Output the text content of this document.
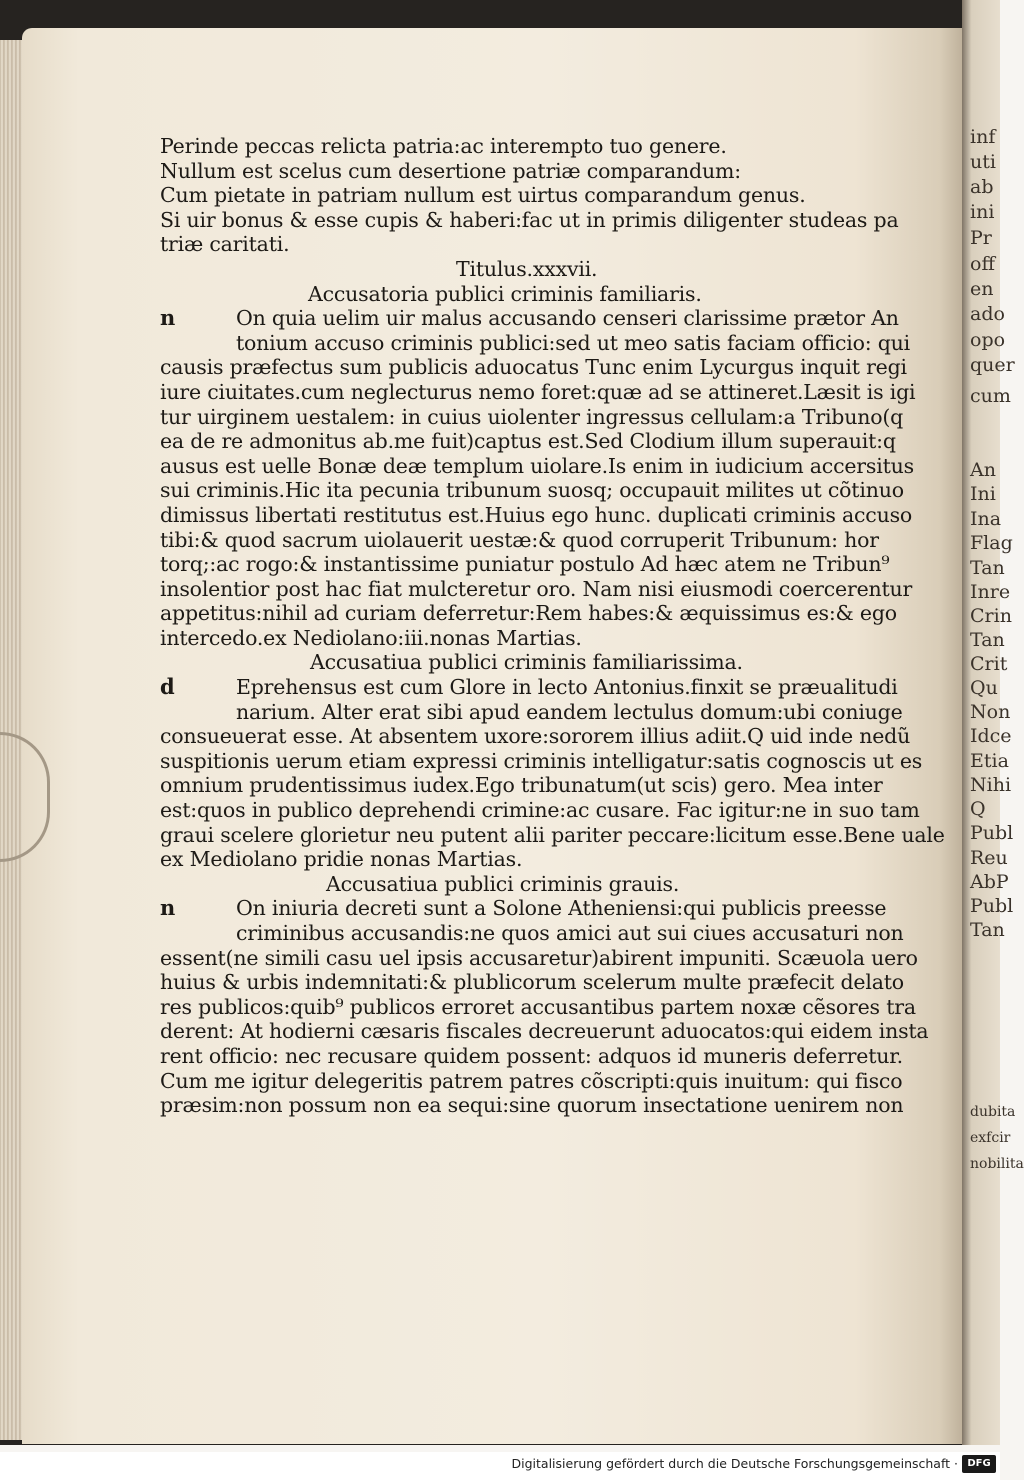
inf
uti
ab
ini
Pr
off
en
ado
opo
quer
cum
An
Ini
Ina
Flag
Tan
Inre
Crin
Tan
Crit
Qu
Non
Idce
Etia
Nihi
Q
Publ
Reu
AbP
Publ
Tan
dubita
exfcir
nobilita
Perinde peccas relicta patria:ac interempto tuo genere.
Nullum est scelus cum desertione patriæ comparandum:
Cum pietate in patriam nullum est uirtus comparandum genus.
Si uir bonus & esse cupis & haberi:fac ut in primis diligenter studeas pa
triæ caritati.
Titulus.xxxvii.
Accusatoria publici criminis familiaris.
n	On quia uelim uir malus accusando censeri clarissime prætor An
tonium accuso criminis publici:sed ut meo satis faciam officio: qui
causis præfectus sum publicis aduocatus Tunc enim Lycurgus inquit regi
iure ciuitates.cum neglecturus nemo foret:quæ ad se attineret.Læsit is igi
tur uirginem uestalem: in cuius uiolenter ingressus cellulam:a Tribuno(q
ea de re admonitus ab.me fuit)captus est.Sed Clodium illum superauit:q
ausus est uelle Bonæ deæ templum uiolare.Is enim in iudicium accersitus
sui criminis.Hic ita pecunia tribunum suosq; occupauit milites ut cõtinuo
dimissus libertati restitutus est.Huius ego hunc. duplicati criminis accuso
tibi:& quod sacrum uiolauerit uestæ:& quod corruperit Tribunum: hor
torq;:ac rogo:& instantissime puniatur postulo Ad hæc atem ne Tribun⁹
insolentior post hac fiat mulcteretur oro. Nam nisi eiusmodi coercerentur
appetitus:nihil ad curiam deferretur:Rem habes:& æquissimus es:& ego
intercedo.ex Nediolano:iii.nonas Martias.
Accusatiua publici criminis familiarissima.
d	Eprehensus est cum Glore in lecto Antonius.finxit se præualitudi
narium. Alter erat sibi apud eandem lectulus domum:ubi coniuge
consueuerat esse. At absentem uxore:sororem illius adiit.Q uid inde nedũ
suspitionis uerum etiam expressi criminis intelligatur:satis cognoscis ut es
omnium prudentissimus iudex.Ego tribunatum(ut scis) gero. Mea inter
est:quos in publico deprehendi crimine:ac cusare. Fac igitur:ne in suo tam
graui scelere glorietur neu putent alii pariter peccare:licitum esse.Bene uale
ex Mediolano pridie nonas Martias.
Accusatiua publici criminis grauis.
n	On iniuria decreti sunt a Solone Atheniensi:qui publicis preesse
criminibus accusandis:ne quos amici aut sui ciues accusaturi non
essent(ne simili casu uel ipsis accusaretur)abirent impuniti. Scæuola uero
huius & urbis indemnitati:& plublicorum scelerum multe præfecit delato
res publicos:quib⁹ publicos erroret accusantibus partem noxæ cẽsores tra
derent: At hodierni cæsaris fiscales decreuerunt aduocatos:qui eidem insta
rent officio: nec recusare quidem possent: adquos id muneris deferretur.
Cum me igitur delegeritis patrem patres cõscripti:quis inuitum: qui fisco
præsim:non possum non ea sequi:sine quorum insectatione uenirem non
Digitalisierung gefördert durch die Deutsche Forschungsgemeinschaft · DFG
